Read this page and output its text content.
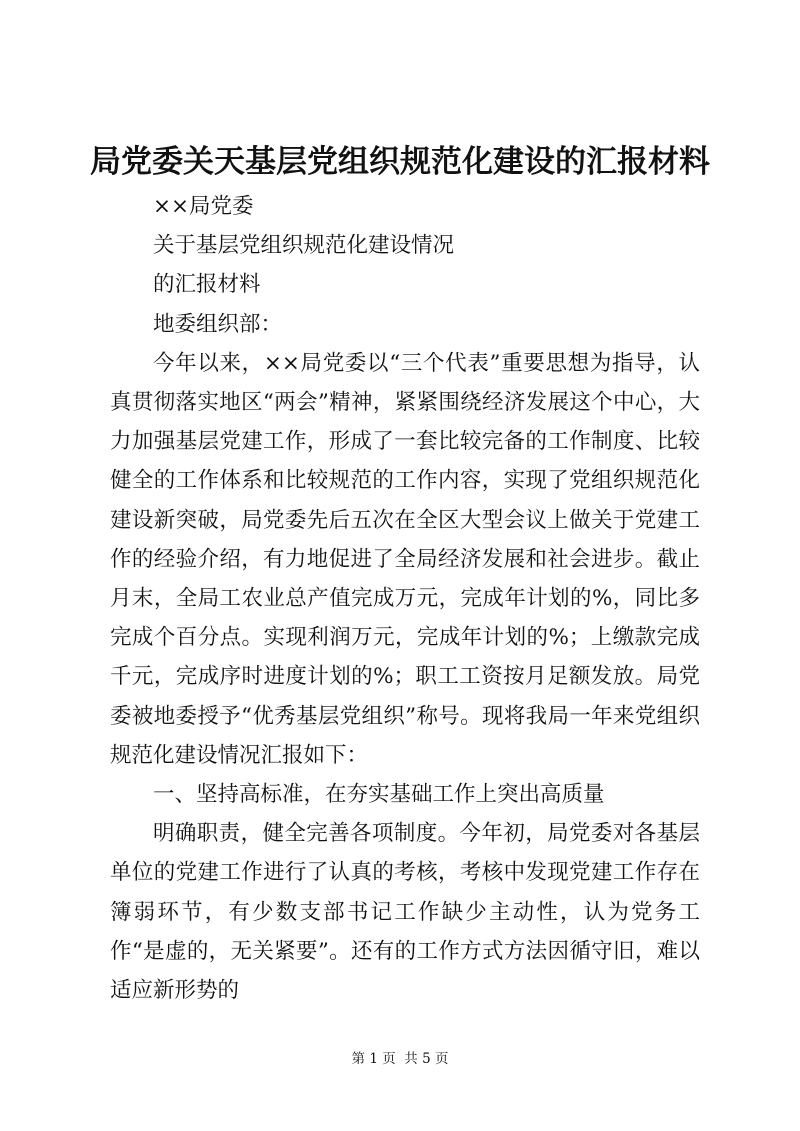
局党委关天基层党组织规范化建设的汇报材料

××局党委

关于基层党组织规范化建设情况

的汇报材料

地委组织部：

今年以来，××局党委以“三个代表”重要思想为指导，认真贯彻落实地区“两会”精神，紧紧围绕经济发展这个中心，大力加强基层党建工作，形成了一套比较完备的工作制度、比较健全的工作体系和比较规范的工作内容，实现了党组织规范化建设新突破，局党委先后五次在全区大型会议上做关于党建工作的经验介绍，有力地促进了全局经济发展和社会进步。截止月末，全局工农业总产值完成万元，完成年计划的%，同比多完成个百分点。实现利润万元，完成年计划的%；上缴款完成千元，完成序时进度计划的%；职工工资按月足额发放。局党委被地委授予“优秀基层党组织”称号。现将我局一年来党组织规范化建设情况汇报如下：

一、坚持高标准，在夯实基础工作上突出高质量

明确职责，健全完善各项制度。今年初，局党委对各基层单位的党建工作进行了认真的考核，考核中发现党建工作存在簿弱环节，有少数支部书记工作缺少主动性，认为党务工作“是虚的，无关紧要”。还有的工作方式方法因循守旧，难以适应新形势的

第 1 页  共 5 页
